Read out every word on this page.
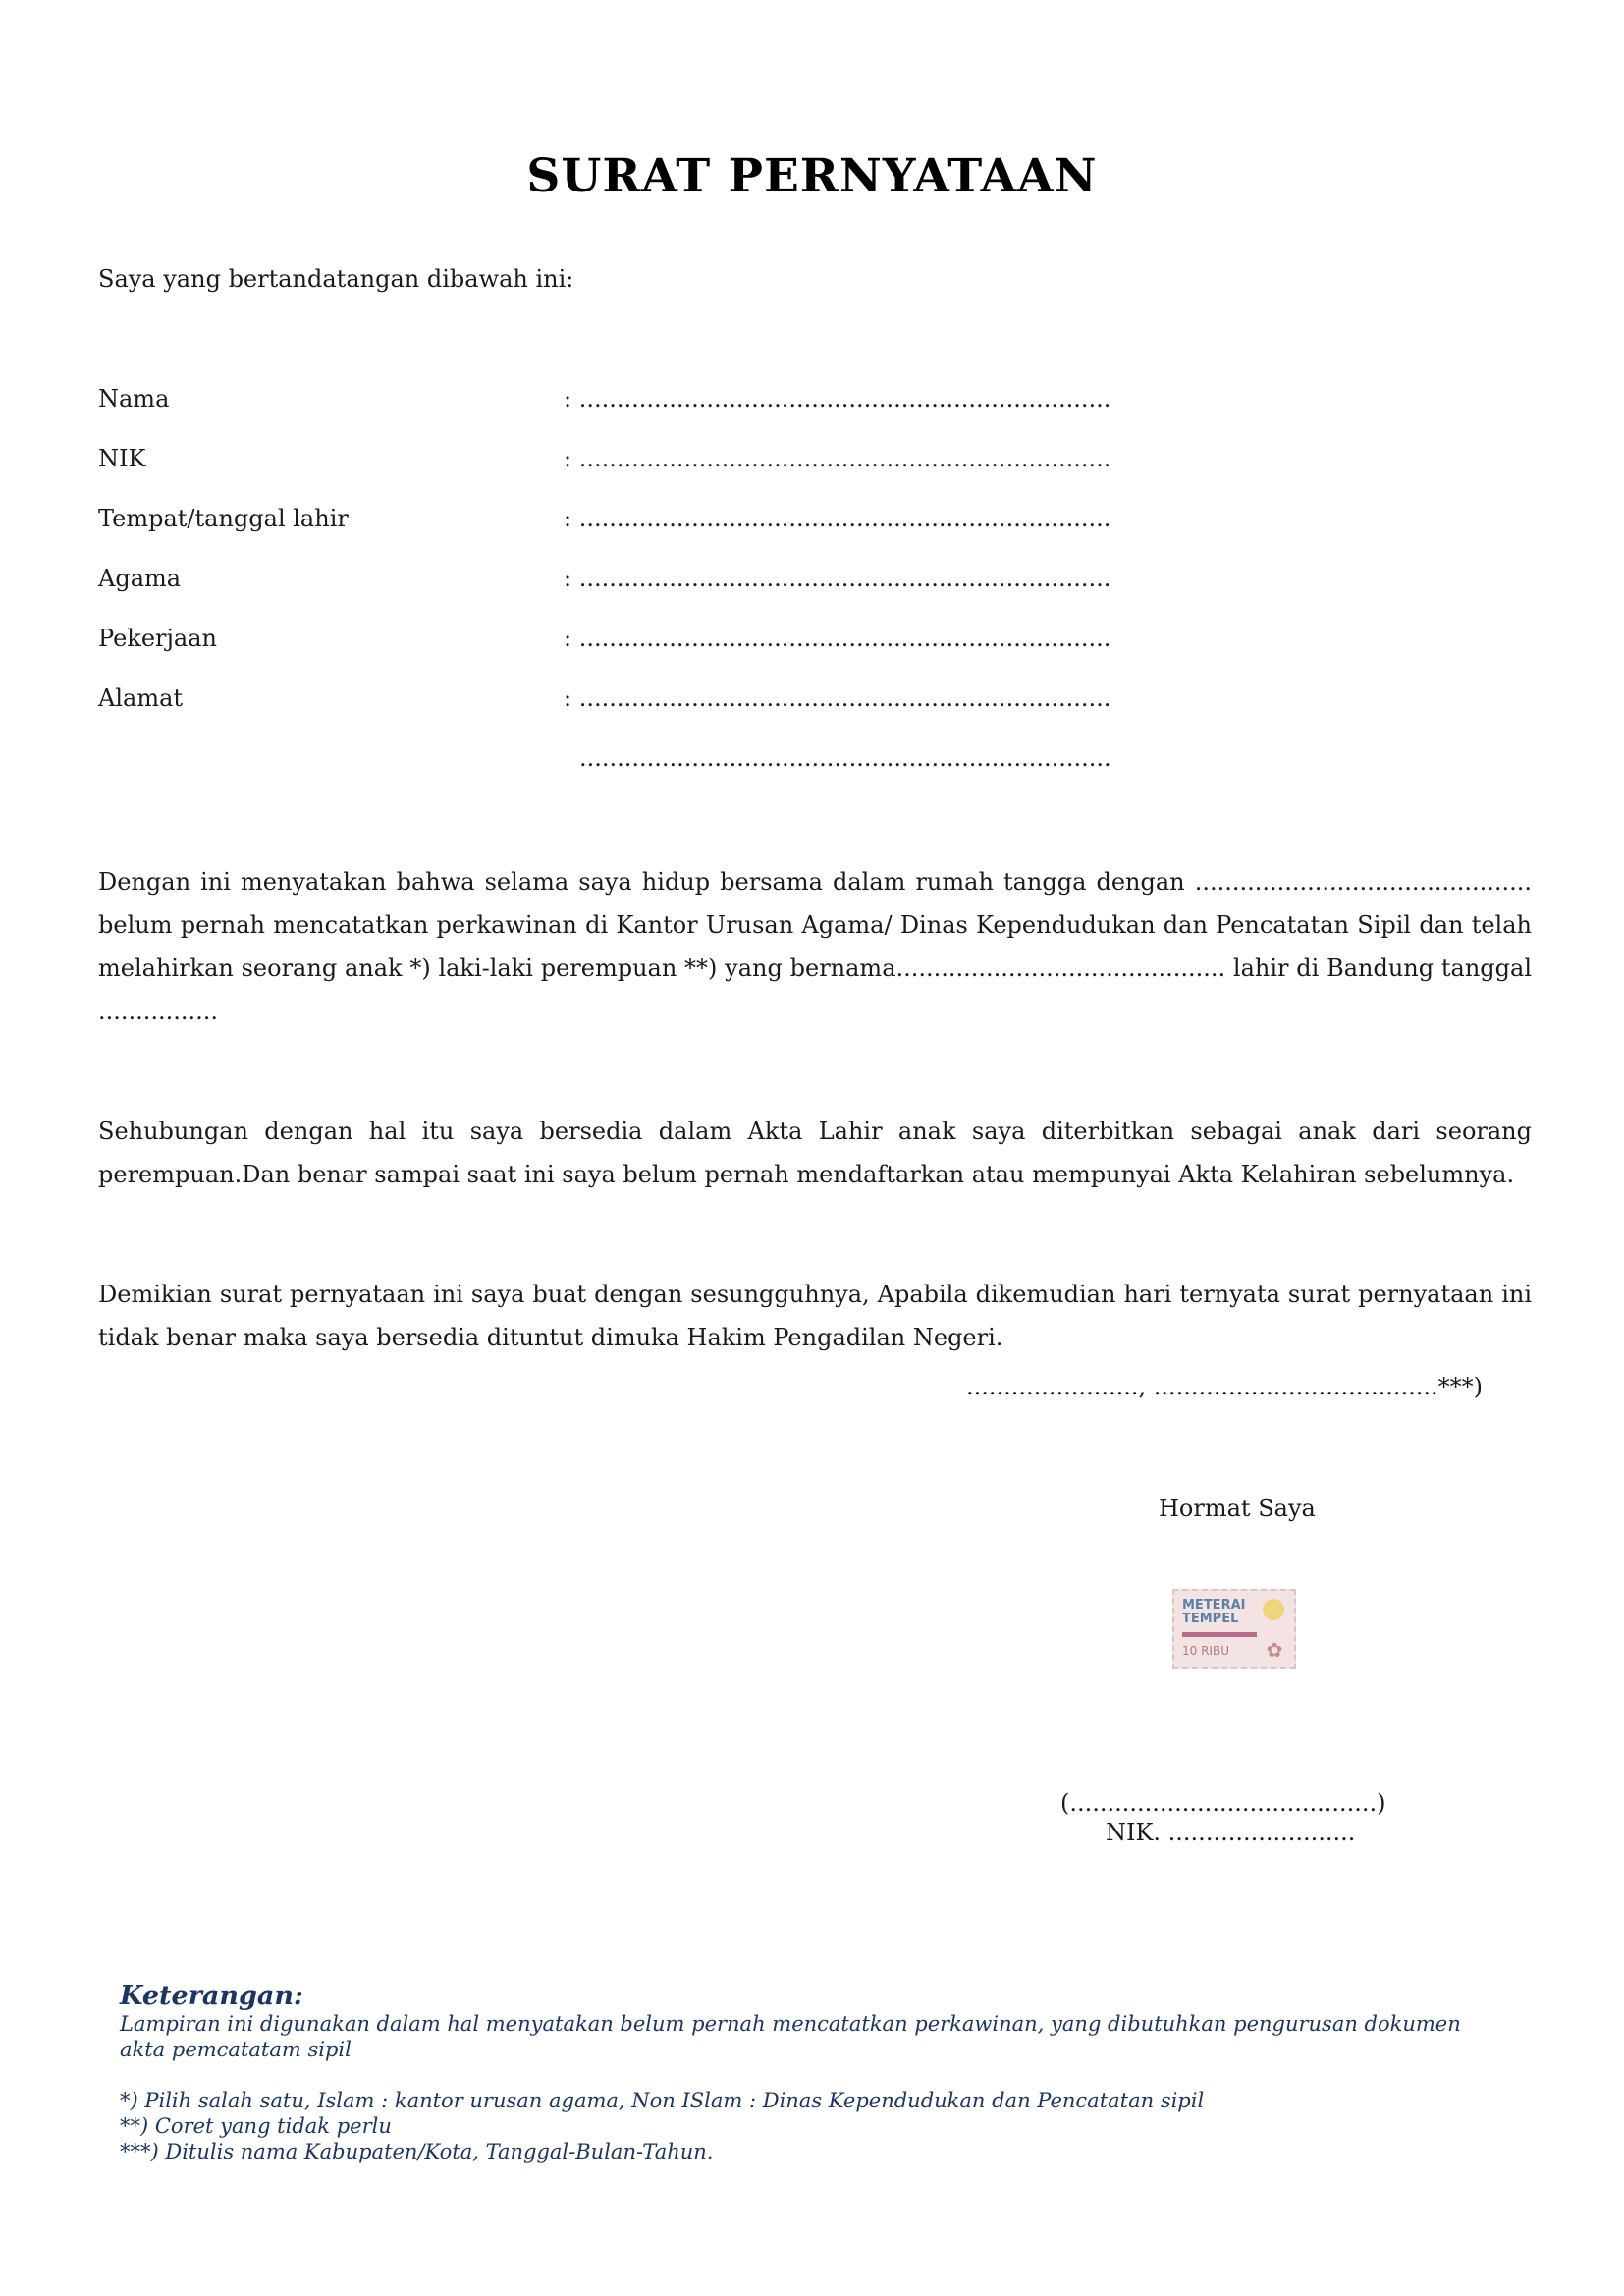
SURAT PERNYATAAN
Saya yang bertandatangan dibawah ini:
Nama	: .......................................................................
NIK	: .......................................................................
Tempat/tanggal lahir	: .......................................................................
Agama	: .......................................................................
Pekerjaan	: .......................................................................
Alamat	: .......................................................................
.......................................................................
Dengan ini menyatakan bahwa selama saya hidup bersama dalam rumah tangga dengan ............................................. belum pernah mencatatkan perkawinan di Kantor Urusan Agama/ Dinas Kependudukan dan Pencatatan Sipil dan telah melahirkan seorang anak *) laki-laki perempuan **) yang bernama............................................ lahir di Bandung tanggal ................
Sehubungan dengan hal itu saya bersedia dalam Akta Lahir anak saya diterbitkan sebagai anak dari seorang perempuan.Dan benar sampai saat ini saya belum pernah mendaftarkan atau mempunyai Akta Kelahiran sebelumnya.
Demikian surat pernyataan ini saya buat dengan sesungguhnya, Apabila dikemudian hari ternyata surat pernyataan ini tidak benar maka saya bersedia dituntut dimuka Hakim Pengadilan Negeri.
......................., ......................................***)
Hormat Saya
METERAI
TEMPEL
10 RIBU ✿
(.........................................)
NIK. .........................
Keterangan:
Lampiran ini digunakan dalam hal menyatakan belum pernah mencatatkan perkawinan, yang dibutuhkan pengurusan dokumen
akta pemcatatam sipil
*) Pilih salah satu, Islam : kantor urusan agama, Non ISlam : Dinas Kependudukan dan Pencatatan sipil
**) Coret yang tidak perlu
***) Ditulis nama Kabupaten/Kota, Tanggal-Bulan-Tahun.
